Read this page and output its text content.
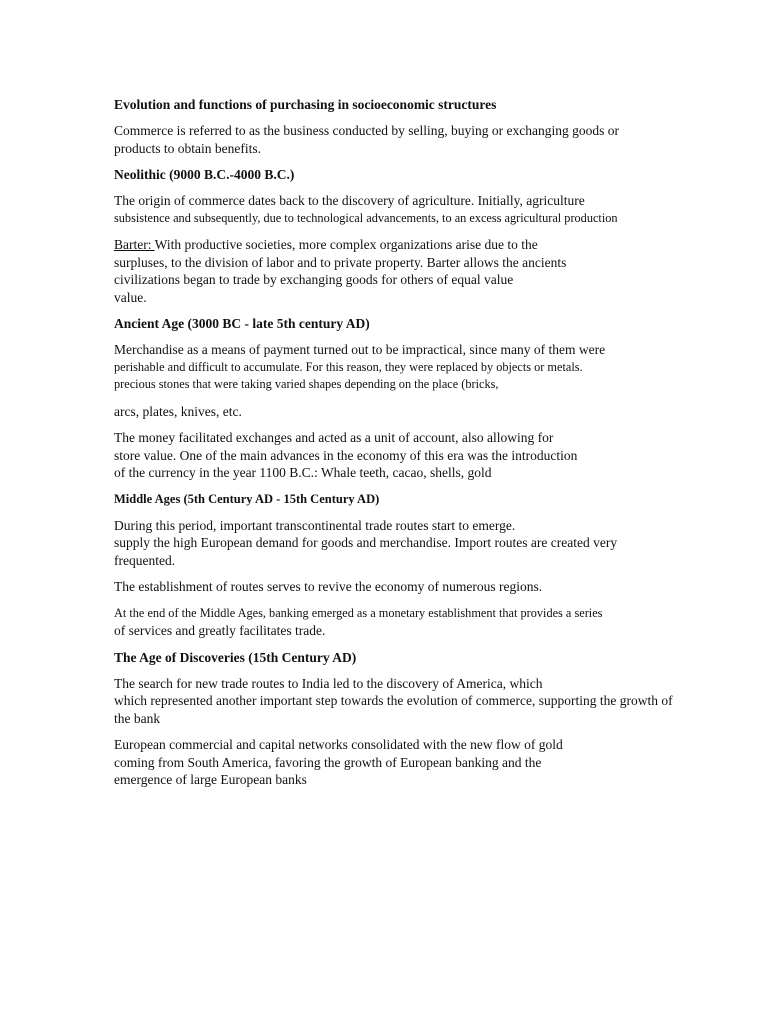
Evolution and functions of purchasing in socioeconomic structures

Commerce is referred to as the business conducted by selling, buying or exchanging goods or
products to obtain benefits.

Neolithic (9000 B.C.-4000 B.C.)

The origin of commerce dates back to the discovery of agriculture. Initially, agriculture
subsistence and subsequently, due to technological advancements, to an excess agricultural production

Barter: With productive societies, more complex organizations arise due to the
surpluses, to the division of labor and to private property. Barter allows the ancients
civilizations began to trade by exchanging goods for others of equal value
value.

Ancient Age (3000 BC - late 5th century AD)

Merchandise as a means of payment turned out to be impractical, since many of them were
perishable and difficult to accumulate. For this reason, they were replaced by objects or metals.
precious stones that were taking varied shapes depending on the place (bricks,

arcs, plates, knives, etc.

The money facilitated exchanges and acted as a unit of account, also allowing for
store value. One of the main advances in the economy of this era was the introduction
of the currency in the year 1100 B.C.: Whale teeth, cacao, shells, gold

Middle Ages (5th Century AD - 15th Century AD)

During this period, important transcontinental trade routes start to emerge.
supply the high European demand for goods and merchandise. Import routes are created very
frequented.

The establishment of routes serves to revive the economy of numerous regions.

At the end of the Middle Ages, banking emerged as a monetary establishment that provides a series
of services and greatly facilitates trade.

The Age of Discoveries (15th Century AD)

The search for new trade routes to India led to the discovery of America, which
which represented another important step towards the evolution of commerce, supporting the growth of
the bank

European commercial and capital networks consolidated with the new flow of gold
coming from South America, favoring the growth of European banking and the
emergence of large European banks
